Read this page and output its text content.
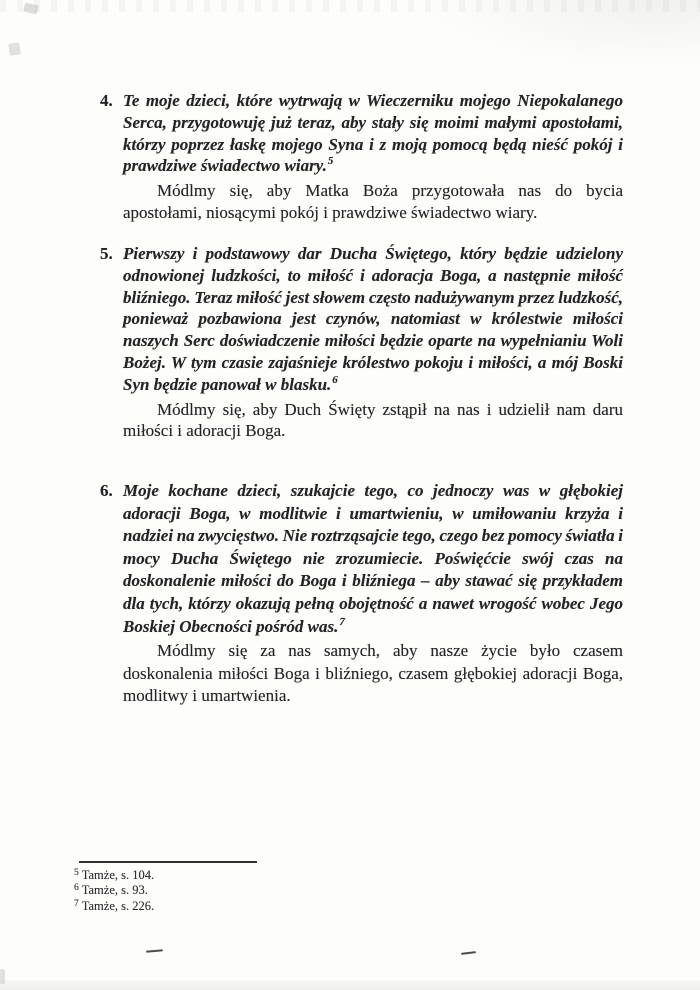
4. Te moje dzieci, które wytrwają w Wieczerniku mojego Niepokalanego
Serca, przygotowuję już teraz, aby stały się moimi małymi apostołami,
którzy poprzez łaskę mojego Syna i z moją pomocą będą nieść pokój i
prawdziwe świadectwo wiary.$^5$
Módlmy się, aby Matka Boża przygotowała nas do bycia
apostołami, niosącymi pokój i prawdziwe świadectwo wiary.
5. Pierwszy i podstawowy dar Ducha Świętego, który będzie udzielony
odnowionej ludzkości, to miłość i adoracja Boga, a następnie miłość
bliźniego. Teraz miłość jest słowem często nadużywanym przez ludzkość,
ponieważ pozbawiona jest czynów, natomiast w królestwie miłości
naszych Serc doświadczenie miłości będzie oparte na wypełnianiu Woli
Bożej. W tym czasie zajaśnieje królestwo pokoju i miłości, a mój Boski
Syn będzie panował w blasku.$^6$
Módlmy się, aby Duch Święty zstąpił na nas i udzielił nam daru
miłości i adoracji Boga.
6. Moje kochane dzieci, szukajcie tego, co jednoczy was w głębokiej
adoracji Boga, w modlitwie i umartwieniu, w umiłowaniu krzyża i
nadziei na zwycięstwo. Nie roztrząsajcie tego, czego bez pomocy światła i
mocy Ducha Świętego nie zrozumiecie. Poświęćcie swój czas na
doskonalenie miłości do Boga i bliźniega – aby stawać się przykładem
dla tych, którzy okazują pełną obojętność a nawet wrogość wobec Jego
Boskiej Obecności pośród was.$^7$
Módlmy się za nas samych, aby nasze życie było czasem
doskonalenia miłości Boga i bliźniego, czasem głębokiej adoracji Boga,
modlitwy i umartwienia.
$^5$ Tamże, s. 104.
$^6$ Tamże, s. 93.
$^7$ Tamże, s. 226.
